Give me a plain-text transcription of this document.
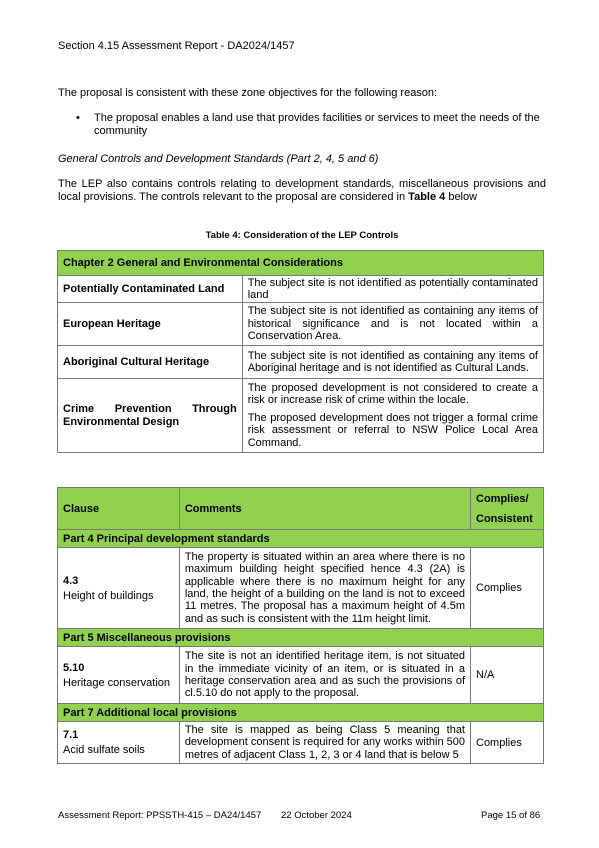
Section 4.15 Assessment Report - DA2024/1457
The proposal is consistent with these zone objectives for the following reason:
• The proposal enables a land use that provides facilities or services to meet the needs of the community
General Controls and Development Standards (Part 2, 4, 5 and 6)
The LEP also contains controls relating to development standards, miscellaneous provisions and local provisions. The controls relevant to the proposal are considered in Table 4 below
Table 4: Consideration of the LEP Controls
Chapter 2 General and Environmental Considerations	
Potentially Contaminated Land	The subject site is not identified as potentially contaminated land
European Heritage	The subject site is not identified as containing any items of historical significance and is not located within a Conservation Area.
Aboriginal Cultural Heritage	The subject site is not identified as containing any items of Aboriginal heritage and is not identified as Cultural Lands.
Crime Prevention Through Environmental Design	The proposed development is not considered to create a risk or increase risk of crime within the locale.
The proposed development does not trigger a formal crime risk assessment or referral to NSW Police Local Area Command.
Clause	Comments	Complies/ Consistent
Part 4 Principal development standards		

4.3
Height of buildings	The property is situated within an area where there is no maximum building height specified hence 4.3 (2A) is applicable where there is no maximum height for any land, the height of a building on the land is not to exceed 11 metres. The proposal has a maximum height of 4.5m and as such is consistent with the 11m height limit.	Complies
Part 5 Miscellaneous provisions		

5.10
Heritage conservation	The site is not an identified heritage item, is not situated in the immediate vicinity of an item, or is situated in a heritage conservation area and as such the provisions of cl.5.10 do not apply to the proposal.	N/A
Part 7 Additional local provisions		

7.1
Acid sulfate soils	The site is mapped as being Class 5 meaning that development consent is required for any works within 500 metres of adjacent Class 1, 2, 3 or 4 land that is below 5	Complies
Assessment Report: PPSSTH-415 – DA24/1457 22 October 2024	Page 15 of 86
